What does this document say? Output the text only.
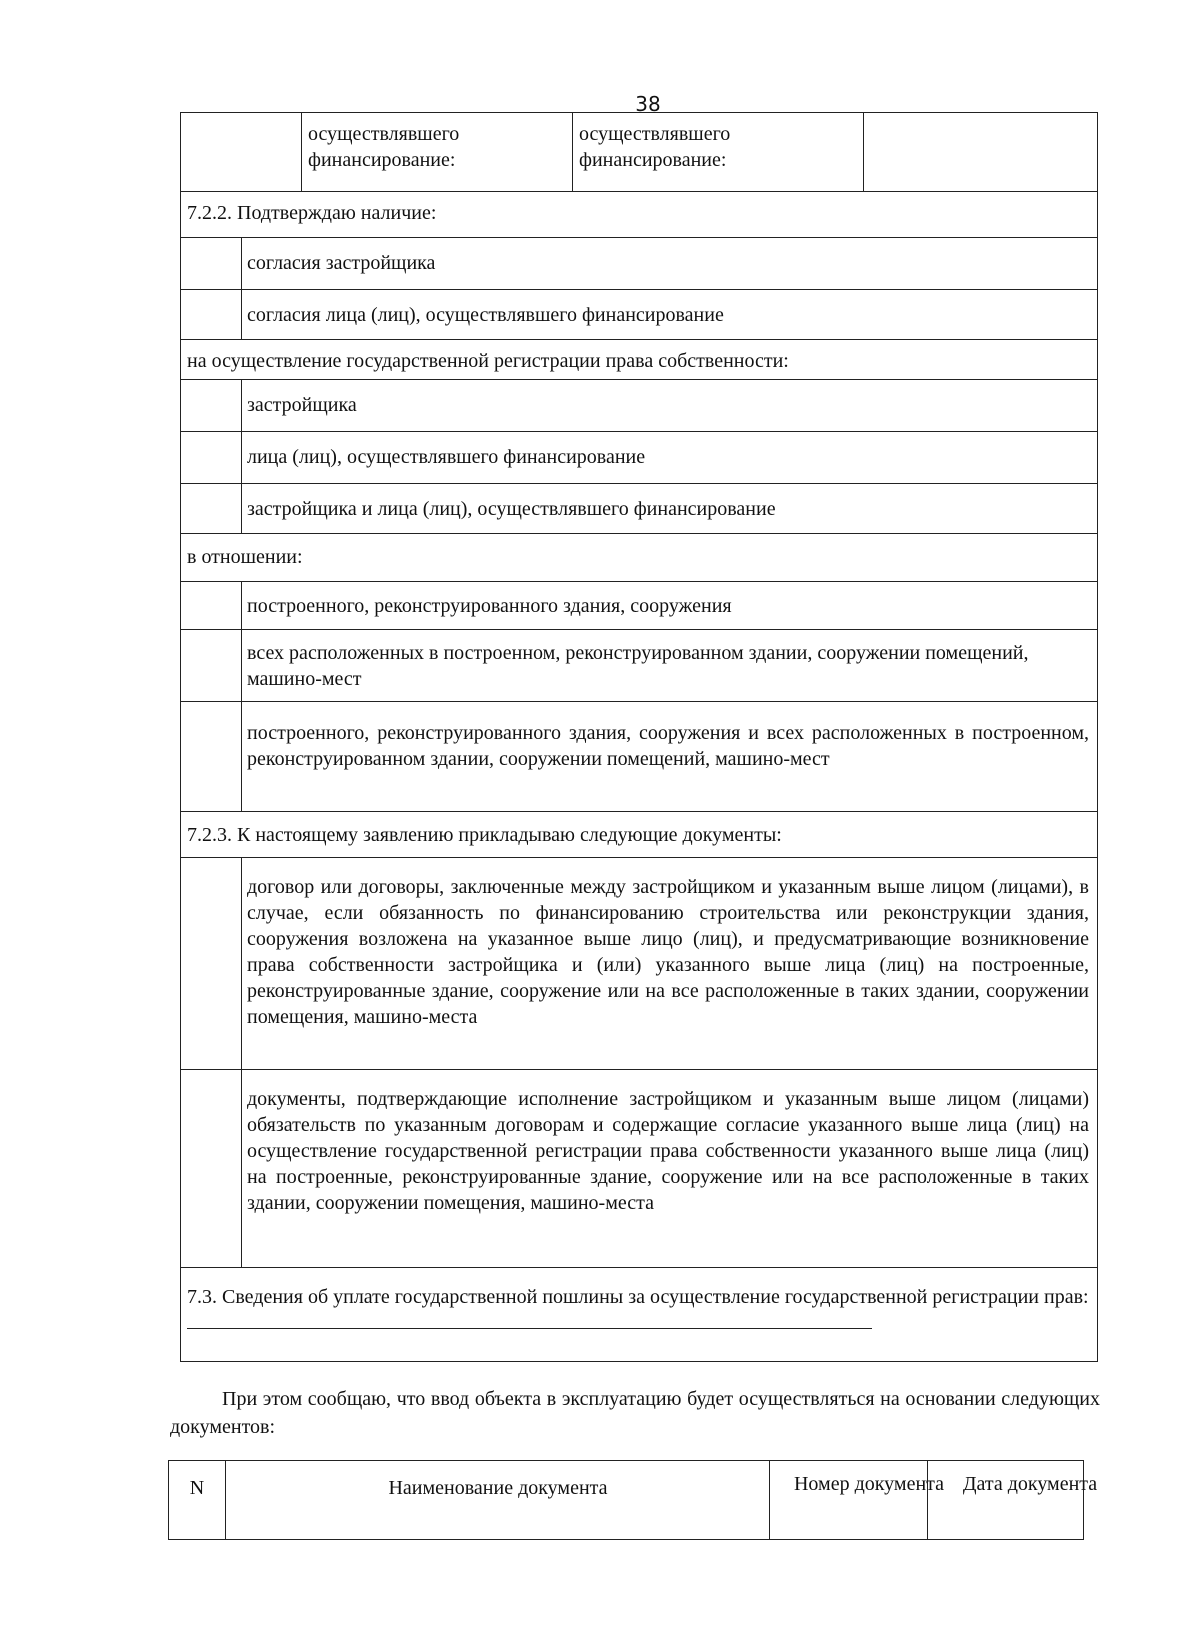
38
осуществлявшего финансирование:
осуществлявшего финансирование:
7.2.2. Подтверждаю наличие:
согласия застройщика
согласия лица (лиц), осуществлявшего финансирование
на осуществление государственной регистрации права собственности:
застройщика
лица (лиц), осуществлявшего финансирование
застройщика и лица (лиц), осуществлявшего финансирование
в отношении:
построенного, реконструированного здания, сооружения
всех расположенных в построенном, реконструированном здании, сооружении помещений, машино-мест
построенного, реконструированного здания, сооружения и всех расположенных в построенном, реконструированном здании, сооружении помещений, машино-мест
7.2.3. К настоящему заявлению прикладываю следующие документы:
договор или договоры, заключенные между застройщиком и указанным выше лицом (лицами), в случае, если обязанность по финансированию строительства или реконструкции здания, сооружения возложена на указанное выше лицо (лиц), и предусматривающие возникновение права собственности застройщика и (или) указанного выше лица (лиц) на построенные, реконструированные здание, сооружение или на все расположенные в таких здании, сооружении помещения, машино-места
документы, подтверждающие исполнение застройщиком и указанным выше лицом (лицами) обязательств по указанным договорам и содержащие согласие указанного выше лица (лиц) на осуществление государственной регистрации права собственности указанного выше лица (лиц) на построенные, реконструированные здание, сооружение или на все расположенные в таких здании, сооружении помещения, машино-места
7.3. Сведения об уплате государственной пошлины за осуществление государственной регистрации прав:
При этом сообщаю, что ввод объекта в эксплуатацию будет осуществляться на основании следующих документов:
N	Наименование документа	Номер документа Дата документа
